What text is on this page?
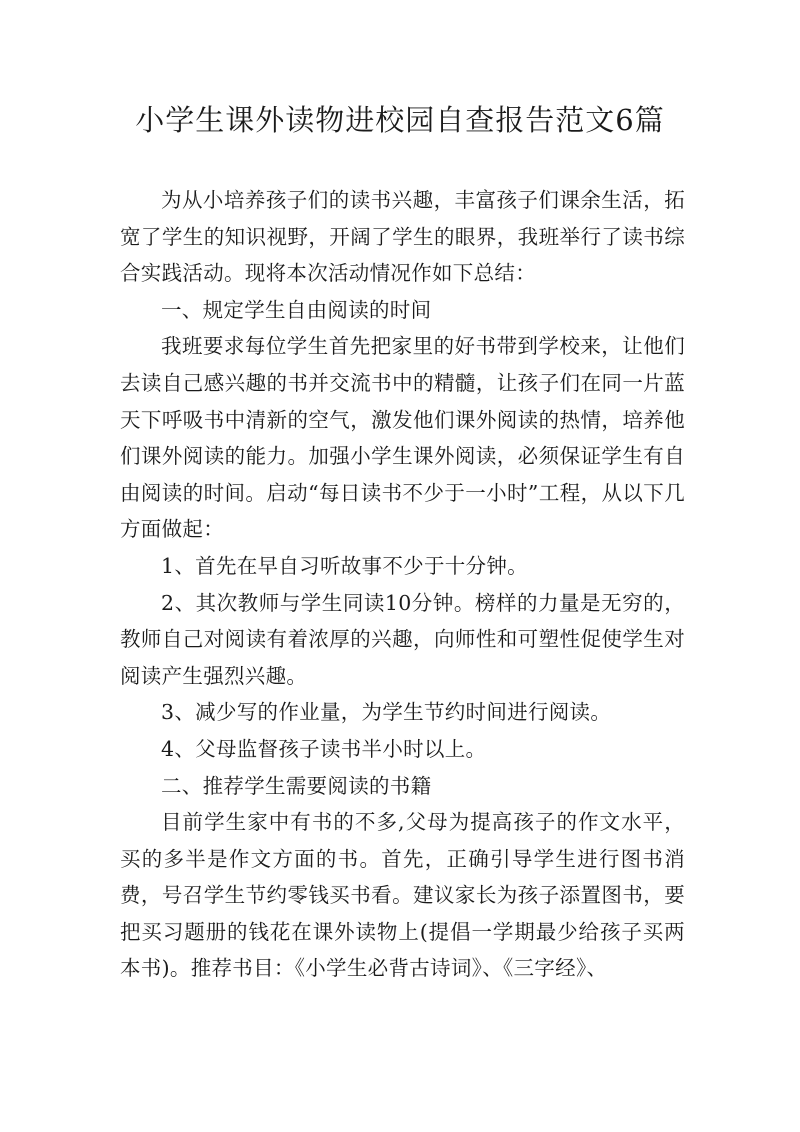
小学生课外读物进校园自查报告范文6篇

为从小培养孩子们的读书兴趣，丰富孩子们课余生活，拓宽了学生的知识视野，开阔了学生的眼界，我班举行了读书综合实践活动。现将本次活动情况作如下总结：

一、规定学生自由阅读的时间

我班要求每位学生首先把家里的好书带到学校来，让他们去读自己感兴趣的书并交流书中的精髓，让孩子们在同一片蓝天下呼吸书中清新的空气，激发他们课外阅读的热情，培养他们课外阅读的能力。加强小学生课外阅读，必须保证学生有自由阅读的时间。启动“每日读书不少于一小时”工程，从以下几方面做起：

1、首先在早自习听故事不少于十分钟。

2、其次教师与学生同读10分钟。榜样的力量是无穷的，教师自己对阅读有着浓厚的兴趣，向师性和可塑性促使学生对阅读产生强烈兴趣。

3、减少写的作业量，为学生节约时间进行阅读。

4、父母监督孩子读书半小时以上。

二、推荐学生需要阅读的书籍

目前学生家中有书的不多,父母为提高孩子的作文水平，买的多半是作文方面的书。首先，正确引导学生进行图书消费，号召学生节约零钱买书看。建议家长为孩子添置图书，要把买习题册的钱花在课外读物上(提倡一学期最少给孩子买两本书)。推荐书目：《小学生必背古诗词》、《三字经》、
